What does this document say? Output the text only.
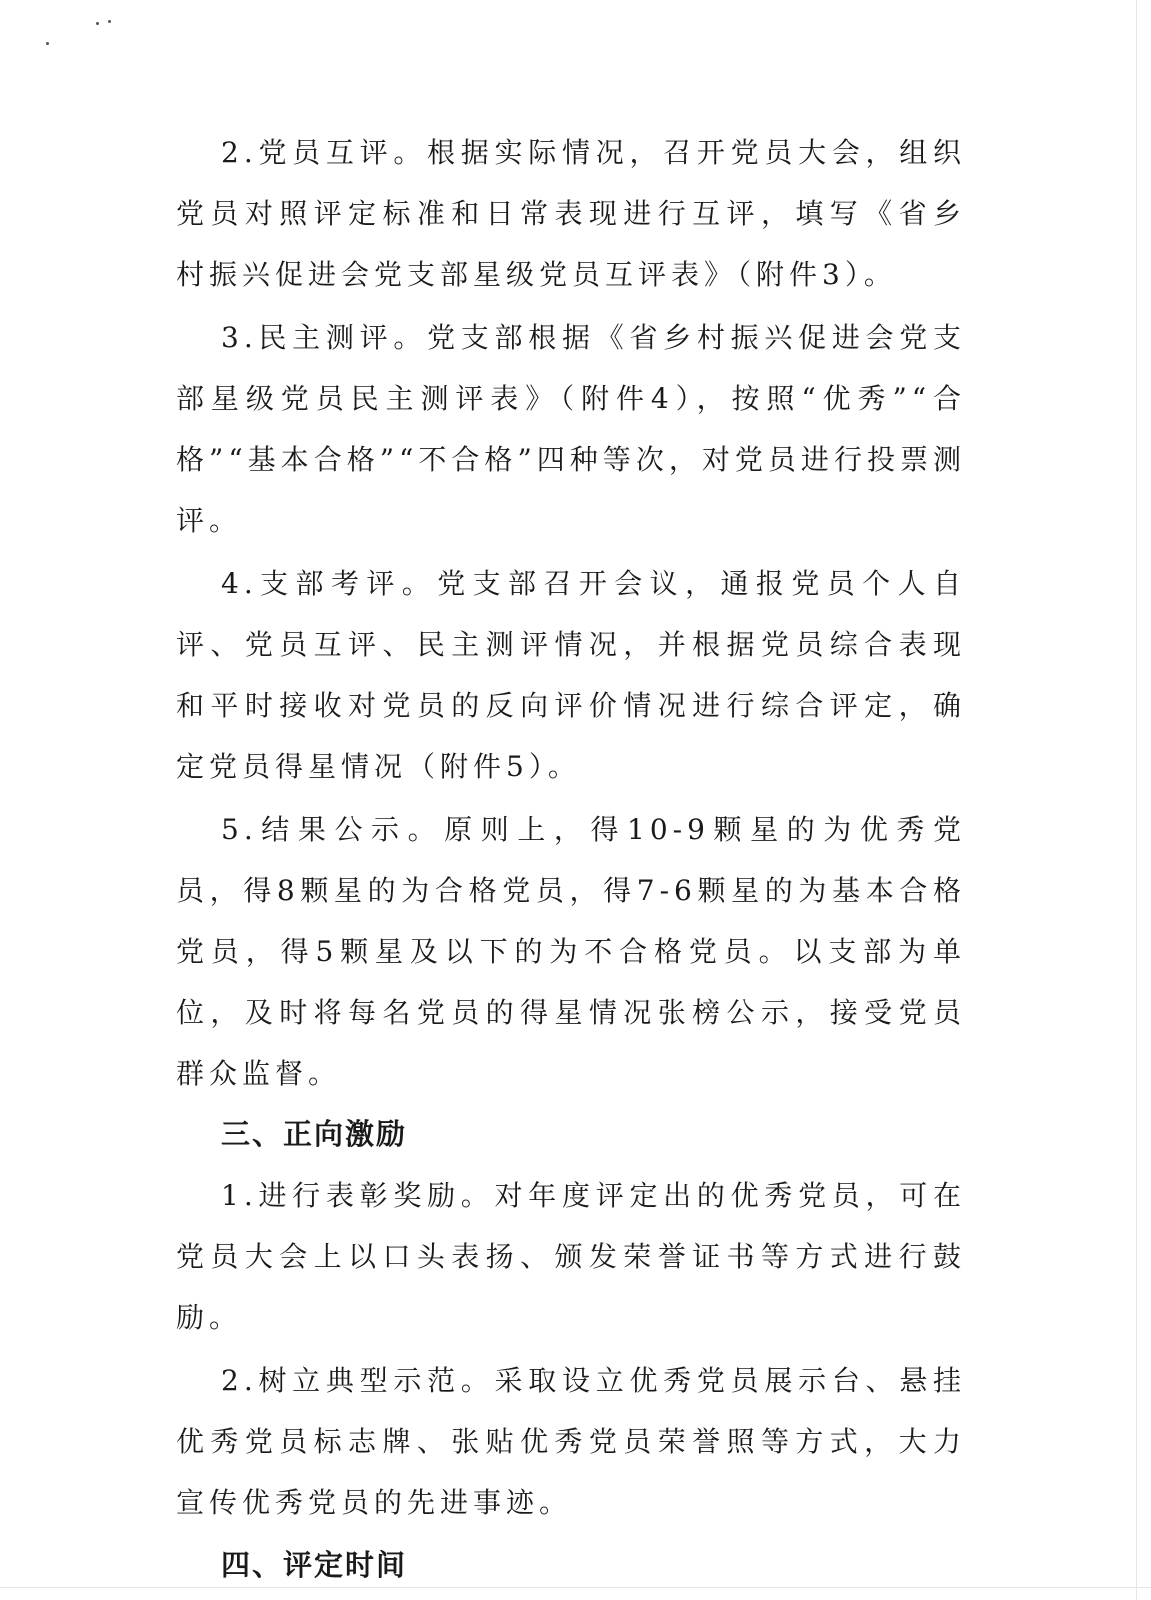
2.党员互评。根据实际情况，召开党员大会，组织党员对照评定标准和日常表现进行互评，填写《省乡村振兴促进会党支部星级党员互评表》（附件3）。

3.民主测评。党支部根据《省乡村振兴促进会党支部星级党员民主测评表》（附件4），按照“优秀”“合格”“基本合格”“不合格”四种等次，对党员进行投票测评。

4.支部考评。党支部召开会议，通报党员个人自评、党员互评、民主测评情况，并根据党员综合表现和平时接收对党员的反向评价情况进行综合评定，确定党员得星情况（附件5）。

5.结果公示。原则上，得10-9颗星的为优秀党员，得8颗星的为合格党员，得7-6颗星的为基本合格党员，得5颗星及以下的为不合格党员。以支部为单位，及时将每名党员的得星情况张榜公示，接受党员群众监督。

三、正向激励

1.进行表彰奖励。对年度评定出的优秀党员，可在党员大会上以口头表扬、颁发荣誉证书等方式进行鼓励。

2.树立典型示范。采取设立优秀党员展示台、悬挂优秀党员标志牌、张贴优秀党员荣誉照等方式，大力宣传优秀党员的先进事迹。

四、评定时间
